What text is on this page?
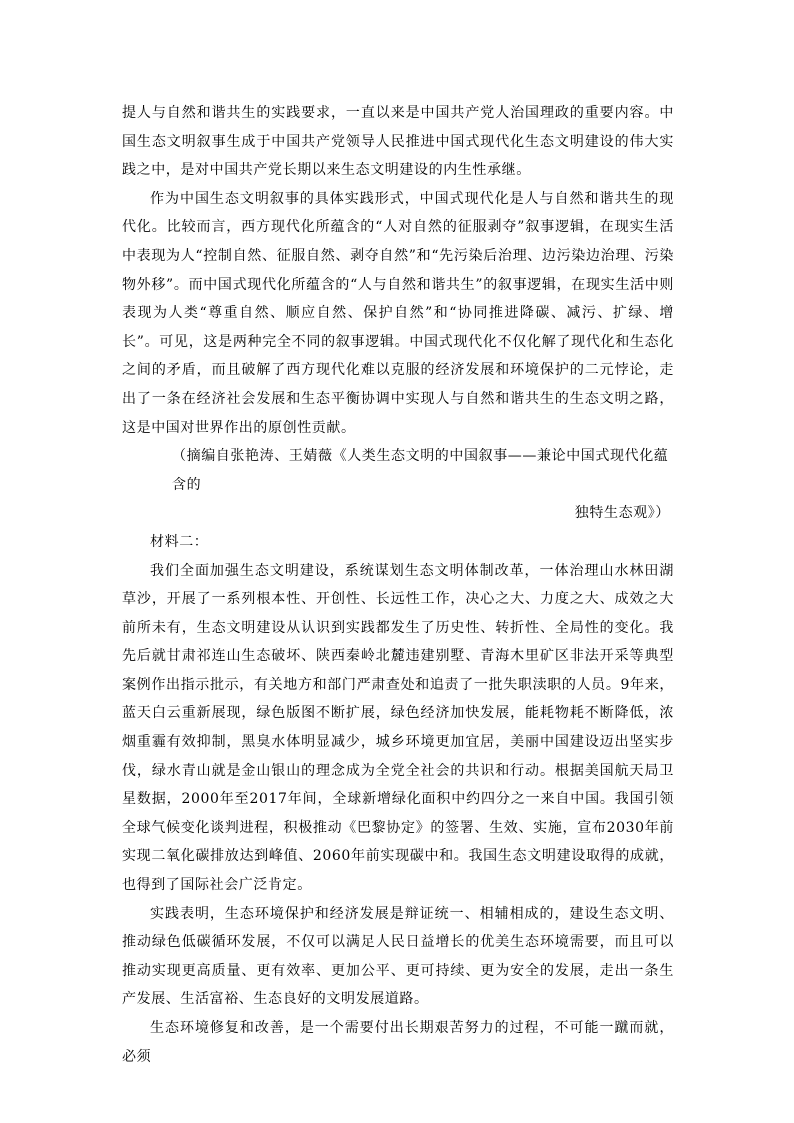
提人与自然和谐共生的实践要求，一直以来是中国共产党人治国理政的重要内容。中国生态文明叙事生成于中国共产党领导人民推进中国式现代化生态文明建设的伟大实践之中，是对中国共产党长期以来生态文明建设的内生性承继。

作为中国生态文明叙事的具体实践形式，中国式现代化是人与自然和谐共生的现代化。比较而言，西方现代化所蕴含的“人对自然的征服剥夺”叙事逻辑，在现实生活中表现为人“控制自然、征服自然、剥夺自然”和“先污染后治理、边污染边治理、污染物外移”。而中国式现代化所蕴含的“人与自然和谐共生”的叙事逻辑，在现实生活中则表现为人类“尊重自然、顺应自然、保护自然”和“协同推进降碳、减污、扩绿、增长”。可见，这是两种完全不同的叙事逻辑。中国式现代化不仅化解了现代化和生态化之间的矛盾，而且破解了西方现代化难以克服的经济发展和环境保护的二元悖论，走出了一条在经济社会发展和生态平衡协调中实现人与自然和谐共生的生态文明之路，这是中国对世界作出的原创性贡献。

（摘编自张艳涛、王婧薇《人类生态文明的中国叙事——兼论中国式现代化蕴含的

独特生态观》）

材料二：

我们全面加强生态文明建设，系统谋划生态文明体制改革，一体治理山水林田湖草沙，开展了一系列根本性、开创性、长远性工作，决心之大、力度之大、成效之大前所未有，生态文明建设从认识到实践都发生了历史性、转折性、全局性的变化。我先后就甘肃祁连山生态破坏、陕西秦岭北麓违建别墅、青海木里矿区非法开采等典型案例作出指示批示，有关地方和部门严肃查处和追责了一批失职渎职的人员。9年来，蓝天白云重新展现，绿色版图不断扩展，绿色经济加快发展，能耗物耗不断降低，浓烟重霾有效抑制，黑臭水体明显减少，城乡环境更加宜居，美丽中国建设迈出坚实步伐，绿水青山就是金山银山的理念成为全党全社会的共识和行动。根据美国航天局卫星数据，2000年至2017年间，全球新增绿化面积中约四分之一来自中国。我国引领全球气候变化谈判进程，积极推动《巴黎协定》的签署、生效、实施，宣布2030年前实现二氧化碳排放达到峰值、2060年前实现碳中和。我国生态文明建设取得的成就，也得到了国际社会广泛肯定。

实践表明，生态环境保护和经济发展是辩证统一、相辅相成的，建设生态文明、推动绿色低碳循环发展，不仅可以满足人民日益增长的优美生态环境需要，而且可以推动实现更高质量、更有效率、更加公平、更可持续、更为安全的发展，走出一条生产发展、生活富裕、生态良好的文明发展道路。

生态环境修复和改善，是一个需要付出长期艰苦努力的过程，不可能一蹴而就，必须
